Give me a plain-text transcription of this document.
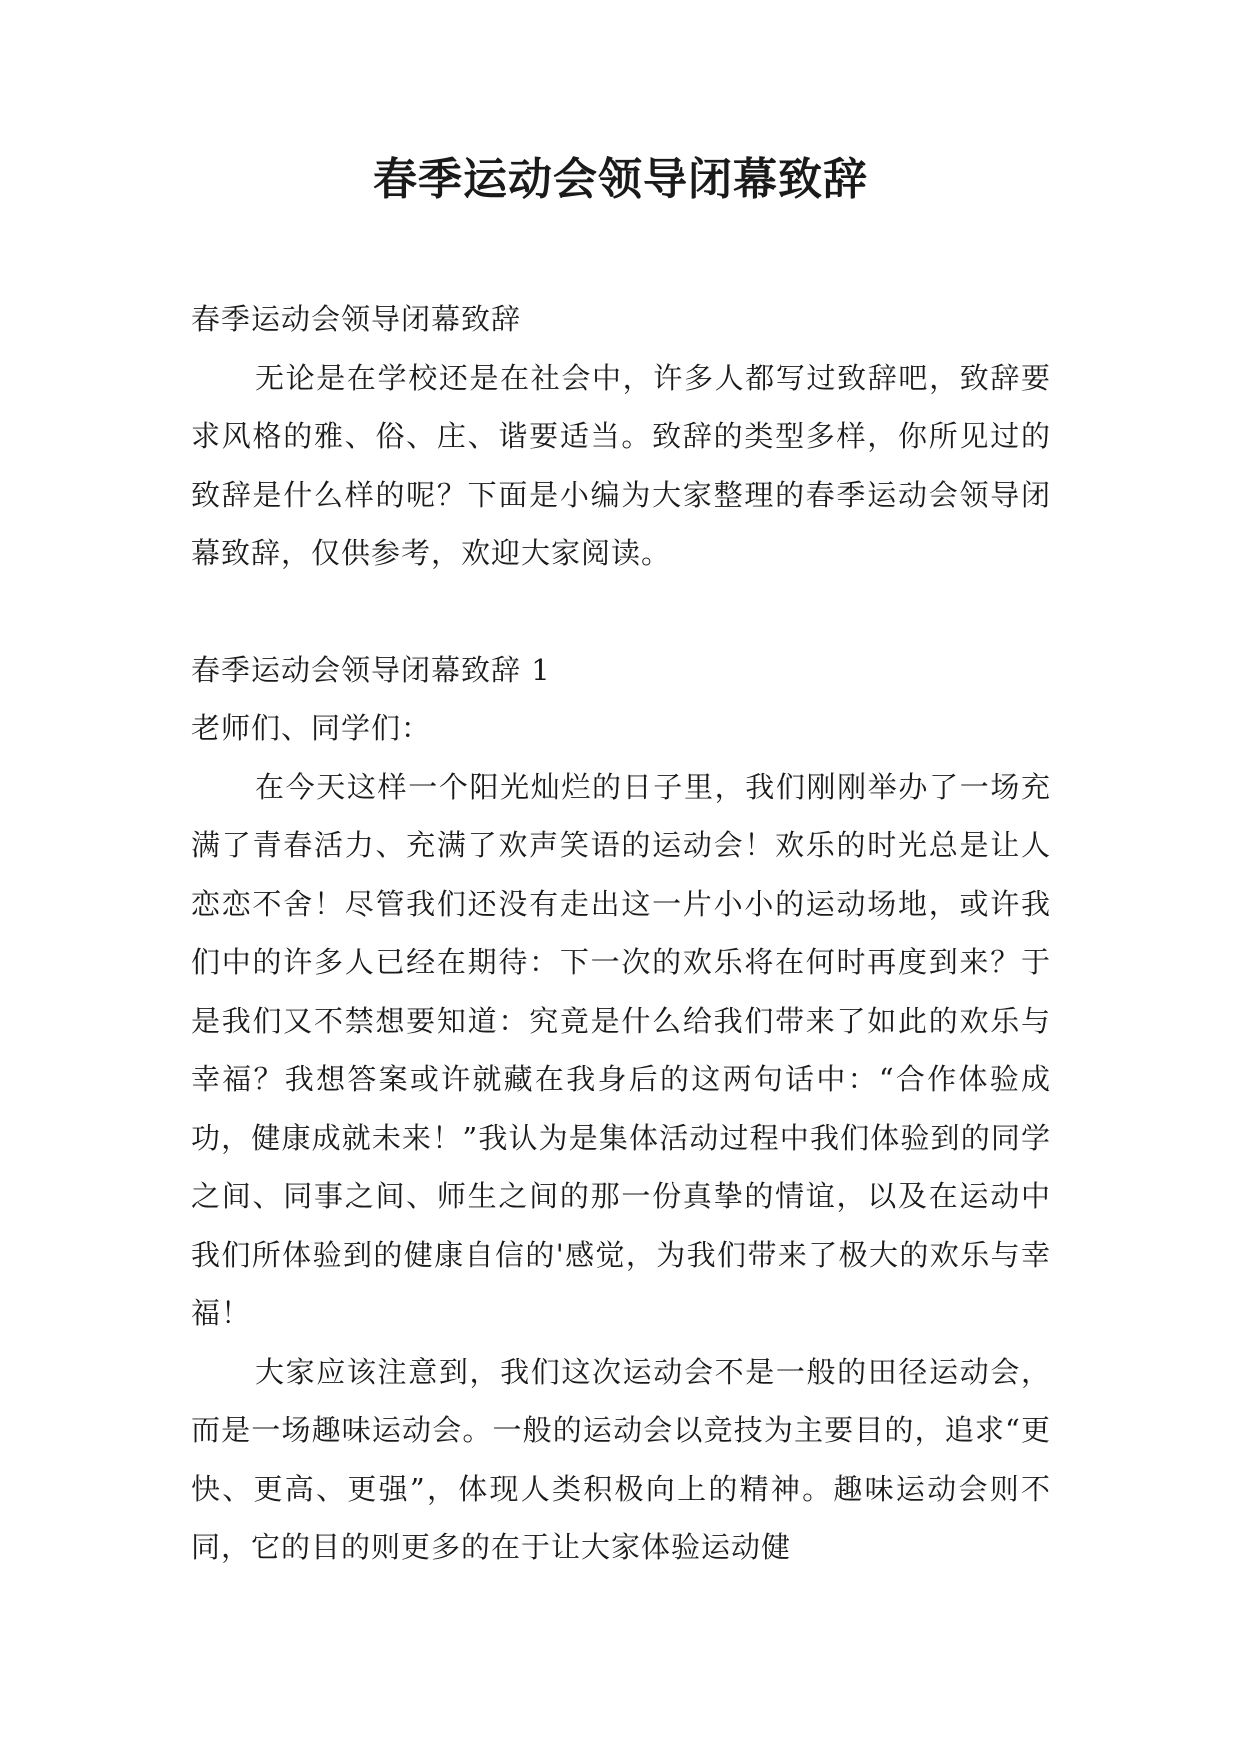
春季运动会领导闭幕致辞

春季运动会领导闭幕致辞

无论是在学校还是在社会中，许多人都写过致辞吧，致辞要求风格的雅、俗、庄、谐要适当。致辞的类型多样，你所见过的致辞是什么样的呢？下面是小编为大家整理的春季运动会领导闭幕致辞，仅供参考，欢迎大家阅读。

春季运动会领导闭幕致辞 1

老师们、同学们：

在今天这样一个阳光灿烂的日子里，我们刚刚举办了一场充满了青春活力、充满了欢声笑语的运动会！欢乐的时光总是让人恋恋不舍！尽管我们还没有走出这一片小小的运动场地，或许我们中的许多人已经在期待：下一次的欢乐将在何时再度到来？于是我们又不禁想要知道：究竟是什么给我们带来了如此的欢乐与幸福？我想答案或许就藏在我身后的这两句话中：“合作体验成功，健康成就未来！”我认为是集体活动过程中我们体验到的同学之间、同事之间、师生之间的那一份真挚的情谊，以及在运动中我们所体验到的健康自信的'感觉，为我们带来了极大的欢乐与幸福！

大家应该注意到，我们这次运动会不是一般的田径运动会，而是一场趣味运动会。一般的运动会以竞技为主要目的，追求“更快、更高、更强”，体现人类积极向上的精神。趣味运动会则不同，它的目的则更多的在于让大家体验运动健
